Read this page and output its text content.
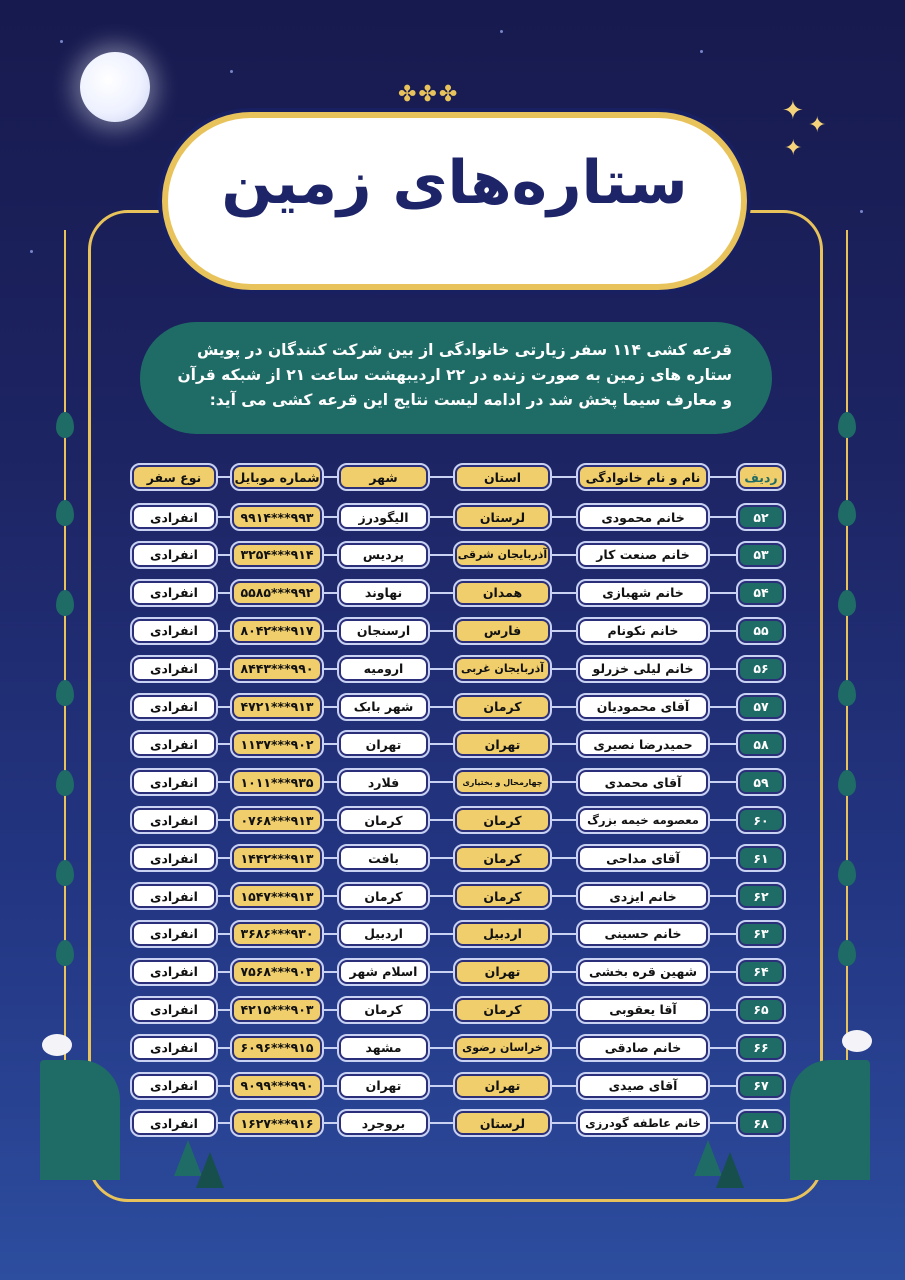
✦ ✦
✦
✤✤✤
ستاره‌های زمین
قرعه کشی ۱۱۴ سفر زیارتی خانوادگی از بین شرکت کنندگان در پویش ستاره های زمین به صورت زنده در ۲۲ اردیبهشت ساعت ۲۱ از شبکه قرآن و معارف سیما پخش شد در ادامه لیست نتایج این قرعه کشی می آید:
ردیف
نام و نام خانوادگی
استان
شهر
شماره موبایل
نوع سفر
۵۲
خانم محمودی
لرستان
الیگودرز
۹۹۳***۹۹۱۴
انفرادی
۵۳
خانم صنعت کار
آذربایجان شرقی
پردیس
۹۱۴***۳۲۵۴
انفرادی
۵۴
خانم شهبازی
همدان
نهاوند
۹۹۲***۵۵۸۵
انفرادی
۵۵
خانم نکونام
فارس
ارسنجان
۹۱۷***۸۰۴۲
انفرادی
۵۶
خانم لیلی خزرلو
آذربایجان غربی
ارومیه
۹۹۰***۸۴۴۳
انفرادی
۵۷
آقای محمودیان
کرمان
شهر بابک
۹۱۳***۴۷۲۱
انفرادی
۵۸
حمیدرضا نصیری
تهران
تهران
۹۰۲***۱۱۳۷
انفرادی
۵۹
آقای محمدی
چهارمحال و بختیاری
فلارد
۹۳۵***۱۰۱۱
انفرادی
۶۰
معصومه خیمه بزرگ
کرمان
کرمان
۹۱۳***۰۷۶۸
انفرادی
۶۱
آقای مداحی
کرمان
بافت
۹۱۳***۱۴۴۲
انفرادی
۶۲
خانم ایزدی
کرمان
کرمان
۹۱۳***۱۵۴۷
انفرادی
۶۳
خانم حسینی
اردبیل
اردبیل
۹۳۰***۳۶۸۶
انفرادی
۶۴
شهین قره بخشی
تهران
اسلام شهر
۹۰۳***۷۵۶۸
انفرادی
۶۵
آقا یعقوبی
کرمان
کرمان
۹۰۳***۴۲۱۵
انفرادی
۶۶
خانم صادقی
خراسان رضوی
مشهد
۹۱۵***۶۰۹۶
انفرادی
۶۷
آقای صیدی
تهران
تهران
۹۹۰***۹۰۹۹
انفرادی
۶۸
خانم عاطفه گودرزی
لرستان
بروجرد
۹۱۶***۱۶۲۷
انفرادی
